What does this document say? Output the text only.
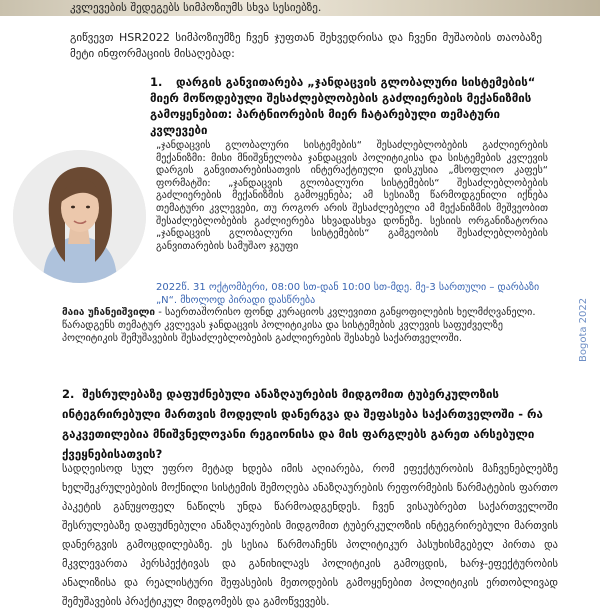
კვლევების შედეგებს სიმპოზიუმს სხვა სესიებზე.

გიწვევთ HSR2022 სიმპოზიუმზე ჩვენ ჯუფთან შეხვედრისა და ჩვენი მუშაობის თაობაზე მეტი ინფორმაციის მისაღებად:

1. დარგის განვითარება „ჯანდაცვის გლობალური სისტემების“ მიერ მოწოდებული შესაძლებლობების გაძლიერების მექანიზმის გამოყენებით: პარტნიორების მიერ ჩატარებული თემატური კვლევები

„ჯანდაცვის გლობალური სისტემების“ შესაძლებლობების გაძლიერების მექანიზმი: მისი მნიშვნელობა ჯანდაცვის პოლიტიკისა და სისტემების კვლევის დარგის განვითარებისათვის ინტერაქტიული დისკუსია „მსოფლიო კაფეს“ ფორმატში: „ჯანდაცვის გლობალური სისტემების“ შესაძლებლობების გაძლიერების მექანიზმის გამოყენება; ამ სესიაზე წარმოდგენილი იქნება თემატური კვლევები, თუ როგორ არის შესაძლებელი ამ მექანიზმის მეშვეობით შესაძლებლობების გაძლიერება სხვადასხვა დონეზე. სესიის ორგანიზატორია „ჯანდაცვის გლობალური სისტემების“ გამგეობის შესაძლებლობების განვითარების სამუშაო ჯგუფი

2022წ. 31 ოქტომბერი, 08:00 სთ-დან 10:00 სთ-მდე. მე-3 სართული – დარბაზი „N“. მხოლოდ პირადი დასწრება

მაია უჩანეიშვილი - საერთაშორისო ფონდ კურაციოს კვლევითი განყოფილების ხელმძღვანელი. წარადგენს თემატურ კვლევას ჯანდაცვის პოლიტიკისა და სისტემების კვლევის საფუძველზე პოლიტიკის შემუშავების შესაძლებლობების გაძლიერების შესახებ საქართველოში.	Bogota 2022
2. შესრულებაზე დაფუძნებული ანაზღაურების მიდგომით ტუბერკულოზის ინტეგრირებული მართვის მოდელის დანერგვა და შეფასება საქართველოში - რა გაკვეთილებია მნიშვნელოვანი რეგიონისა და მის ფარგლებს გარეთ არსებული ქვეყნებისათვის?

სადღეისოდ სულ უფრო მეტად ხდება იმის აღიარება, რომ ეფექტურობის მაჩვენებლებზე ხელშეკრულებების მოქნილი სისტემის შემოღება ანაზღაურების რეფორმების წარმატების ფართო პაკეტის განუყოფელ ნაწილს უნდა წარმოადგენდეს. ჩვენ ვისაუბრებთ საქართველოში შესრულებაზე დაფუძნებული ანაზღაურების მიდგომით ტუბერკულოზის ინტეგრირებული მართვის დანერგვის გამოცდილებაზე. ეს სესია წარმოაჩენს პოლიტიკურ პასუხისმგებელ პირთა და მკვლევართა პერსპექტივას და განიხილავს პოლიტიკის გამოცდის, ხარჯ-ეფექტურობის ანალიზისა და რეალისტური შეფასების მეთოდების გამოყენებით პოლიტიკის ერთობლივად შემუშავების პრაქტიკულ მიდგომებს და გამოწვევებს.
